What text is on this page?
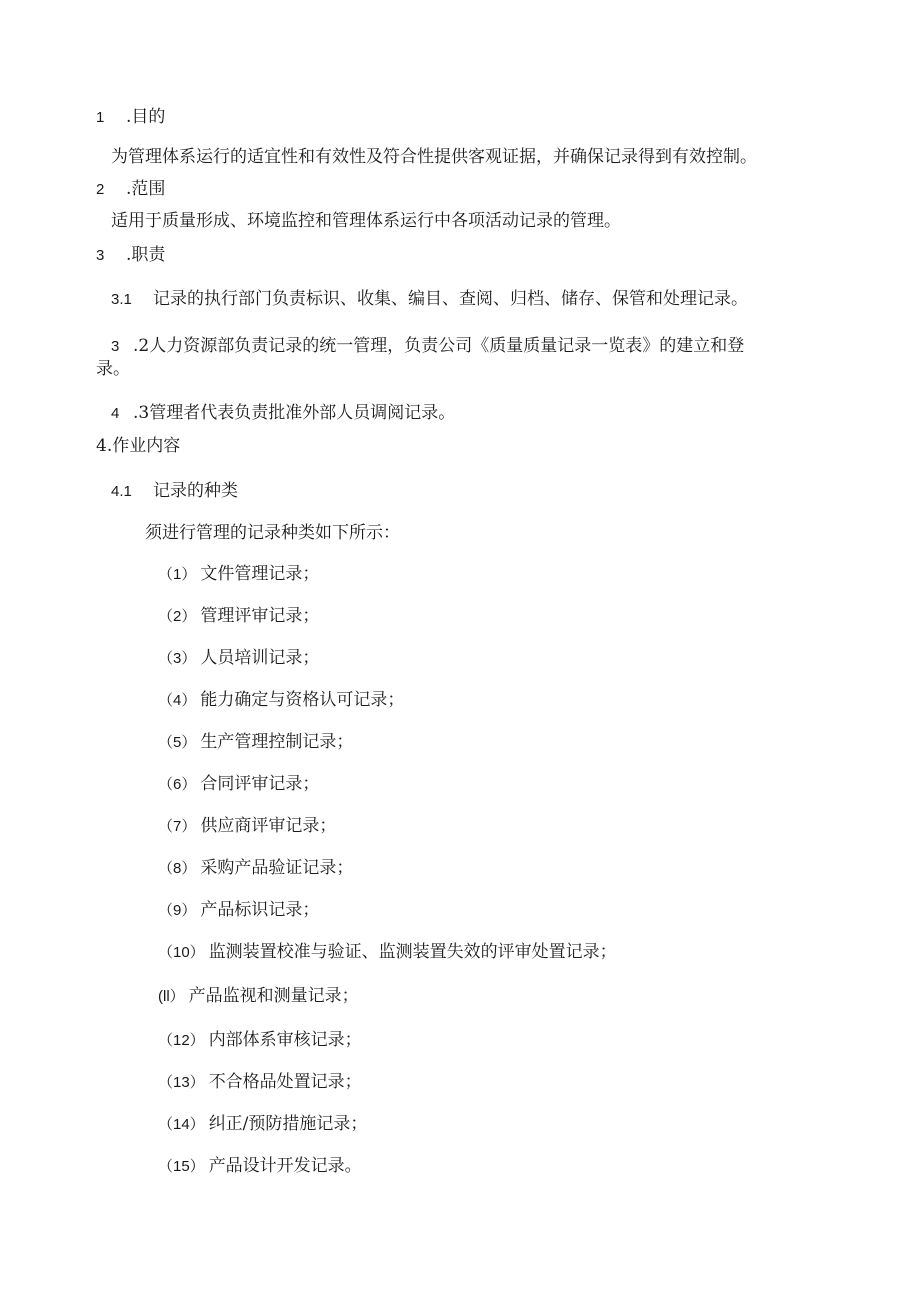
1 .目的
为管理体系运行的适宜性和有效性及符合性提供客观证据，并确保记录得到有效控制。
2 .范围
适用于质量形成、环境监控和管理体系运行中各项活动记录的管理。
3 .职责
3.1 记录的执行部门负责标识、收集、编目、查阅、归档、储存、保管和处理记录。
3 .2人力资源部负责记录的统一管理，负责公司《质量质量记录一览表》的建立和登
录。
4 .3管理者代表负责批准外部人员调阅记录。
4.作业内容
4.1 记录的种类
须进行管理的记录种类如下所示：
（1） 文件管理记录；
（2） 管理评审记录；
（3） 人员培训记录；
（4） 能力确定与资格认可记录；
（5） 生产管理控制记录；
（6） 合同评审记录；
（7） 供应商评审记录；
（8） 采购产品验证记录；
（9） 产品标识记录；
（10） 监测装置校准与验证、监测装置失效的评审处置记录；
(ll） 产品监视和测量记录；
（12） 内部体系审核记录；
（13） 不合格品处置记录；
（14） 纠正/预防措施记录；
（15） 产品设计开发记录。
